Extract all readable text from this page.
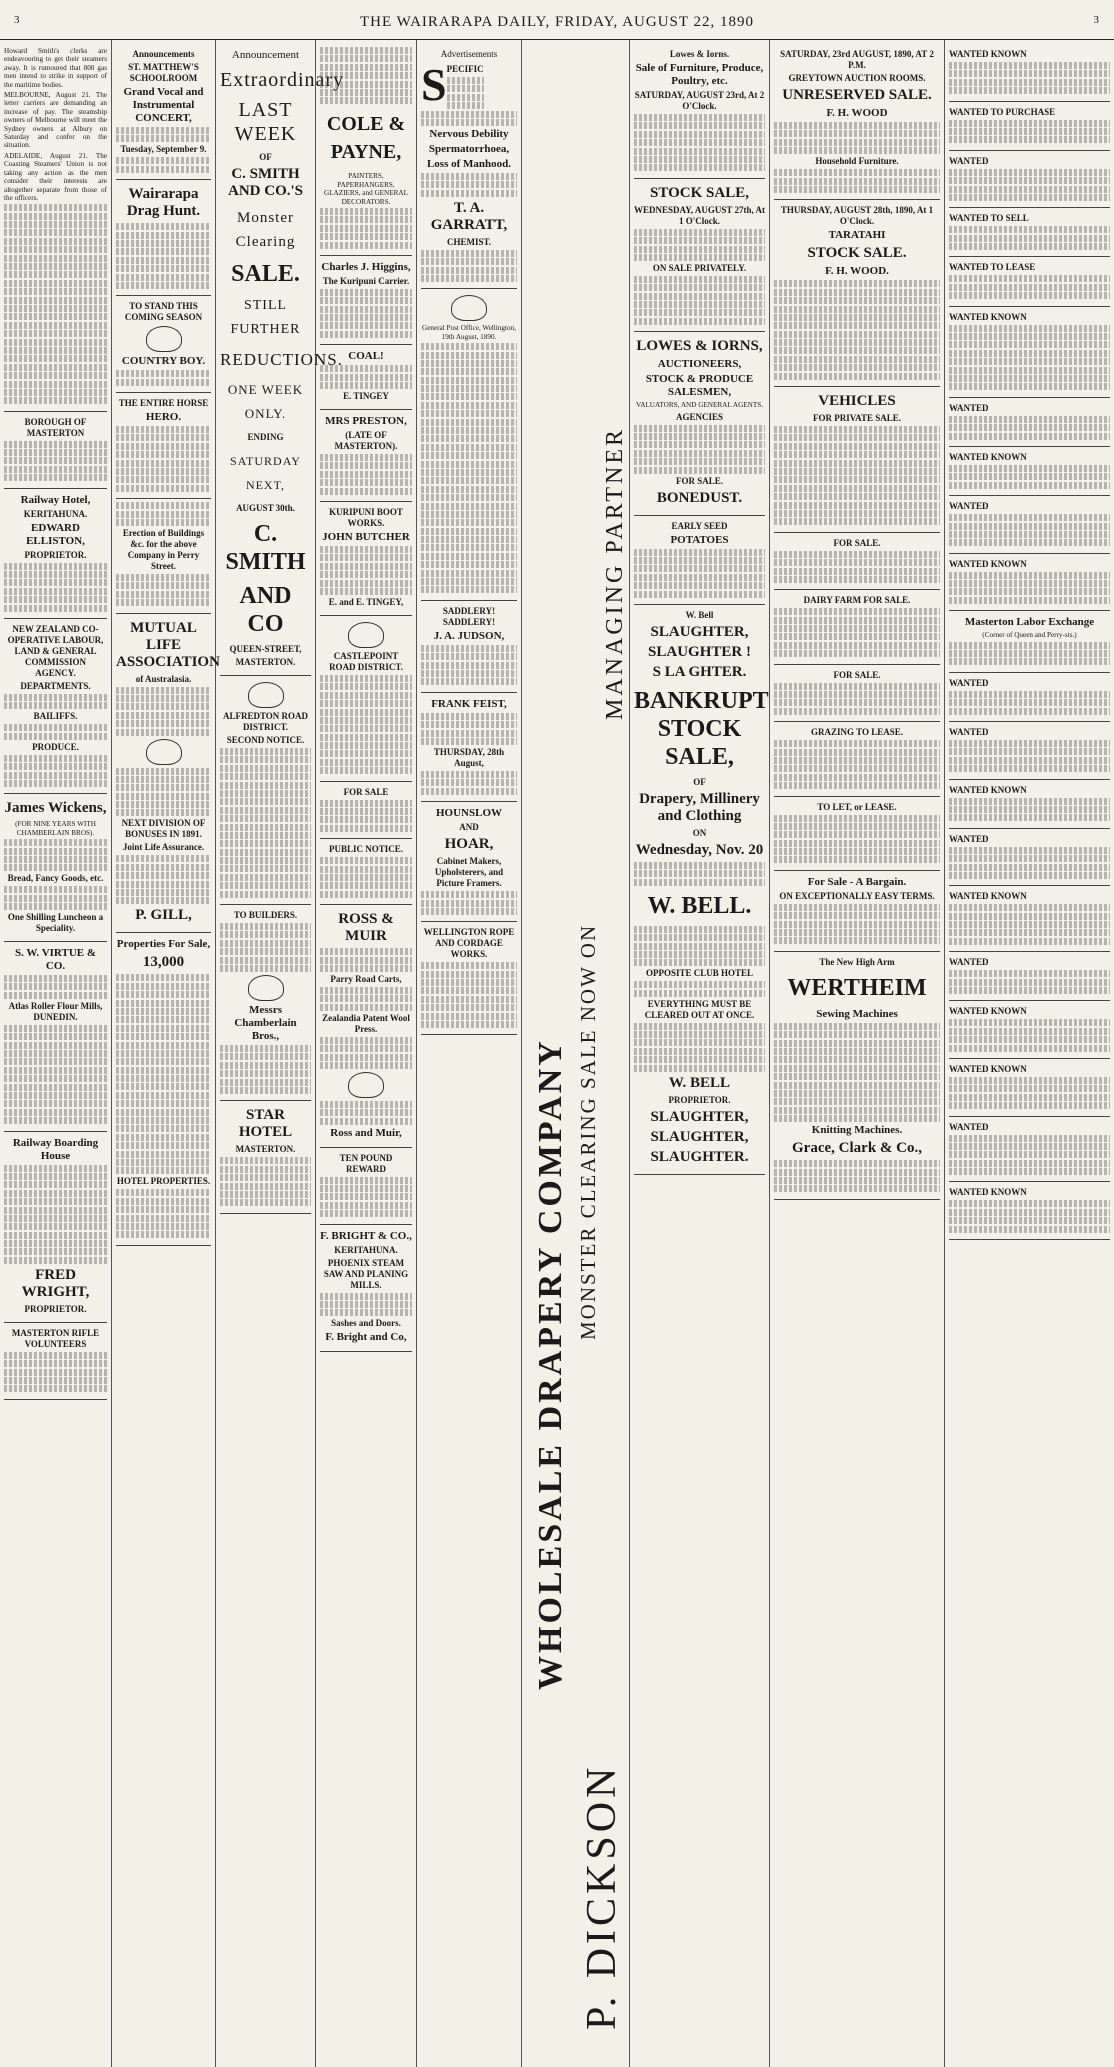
THE WAIRARAPA DAILY, FRIDAY, AUGUST 22, 1890
3	3

Howard Smith's clerks are endeavouring to get their steamers away. It is rumoured that 800 gas men intend to strike in support of the maritime bodies.

MELBOURNE, August 21. The letter carriers are demanding an increase of pay. The steamship owners of Melbourne will meet the Sydney owners at Albury on Saturday and confer on the situation.

ADELAIDE, August 21. The Coasting Steamers' Union is not taking any action as the men consider their interests are altogether separate from those of the officers.

BOROUGH OF MASTERTON
Railway Hotel,
KERITAHUNA.
EDWARD ELLISTON,
PROPRIETOR.
NEW ZEALAND CO-OPERATIVE LABOUR, LAND & GENERAL COMMISSION AGENCY.
DEPARTMENTS.
BAILIFFS.
PRODUCE.
James Wickens,
(FOR NINE YEARS WITH CHAMBERLAIN BROS).
Bread, Fancy Goods, etc.
One Shilling Luncheon a Speciality.
S. W. VIRTUE & CO.
Atlas Roller Flour Mills, DUNEDIN.
Railway Boarding House
FRED WRIGHT,
PROPRIETOR.
MASTERTON RIFLE VOLUNTEERS
Announcements
ST. MATTHEW'S SCHOOLROOM
Grand Vocal and Instrumental CONCERT,
Tuesday, September 9.
Wairarapa Drag Hunt.
TO STAND THIS COMING SEASON
COUNTRY BOY.
THE ENTIRE HORSE
HERO.
Erection of Buildings &c. for the above Company in Perry Street.
MUTUAL LIFE ASSOCIATION
of Australasia.
NEXT DIVISION OF BONUSES IN 1891.
Joint Life Assurance.
P. GILL,
Properties For Sale,
13,000
HOTEL PROPERTIES.
Announcement
Extraordinary
LAST WEEK
OF
C. SMITH AND CO.'S
Monster Clearing
SALE.
STILL FURTHER
REDUCTIONS.
ONE WEEK ONLY.
ENDING
SATURDAY NEXT,
AUGUST 30th.
C. SMITH
AND CO
QUEEN-STREET,
MASTERTON.
ALFREDTON ROAD DISTRICT.
SECOND NOTICE.
TO BUILDERS.
Messrs Chamberlain Bros.,
STAR HOTEL
MASTERTON.
COLE & PAYNE,
PAINTERS, PAPERHANGERS, GLAZIERS, and GENERAL DECORATORS.
Charles J. Higgins,
The Kuripuni Carrier.
COAL!
E. TINGEY
MRS PRESTON,
(LATE OF MASTERTON).
KURIPUNI BOOT WORKS.
JOHN BUTCHER
E. and E. TINGEY,
CASTLEPOINT ROAD DISTRICT.
FOR SALE
PUBLIC NOTICE.
ROSS & MUIR
Parry Road Carts,
Zealandia Patent Wool Press.
Ross and Muir,
TEN POUND REWARD
F. BRIGHT & CO.,
KERITAHUNA.
PHOENIX STEAM SAW AND PLANING MILLS.
Sashes and Doors.
F. Bright and Co,
Advertisements
S PECIFIC
Nervous Debility
Spermatorrhoea,
Loss of Manhood.
T. A. GARRATT,
CHEMIST.
General Post Office, Wellington, 19th August, 1890.
SADDLERY! SADDLERY!
J. A. JUDSON,
FRANK FEIST,
THURSDAY, 28th August,
HOUNSLOW
AND
HOAR,
Cabinet Makers, Upholsterers, and Picture Framers.
WELLINGTON ROPE AND CORDAGE WORKS.
WHOLESALE DRAPERY COMPANY MONSTER CLEARING SALE NOW ON
P. DICKSON
MANAGING PARTNER
Lowes & Iorns.
Sale of Furniture, Produce, Poultry, etc.
SATURDAY, AUGUST 23rd, At 2 O'Clock.
STOCK SALE,
WEDNESDAY, AUGUST 27th, At 1 O'Clock.
ON SALE PRIVATELY.
LOWES & IORNS,
AUCTIONEERS,
STOCK & PRODUCE SALESMEN,
VALUATORS, AND GENERAL AGENTS.
AGENCIES
FOR SALE.
BONEDUST.
EARLY SEED
POTATOES
W. Bell
SLAUGHTER,
SLAUGHTER !
S LA GHTER.
BANKRUPT STOCK SALE,
OF
Drapery, Millinery and Clothing
ON
Wednesday, Nov. 20
W. BELL.
OPPOSITE CLUB HOTEL
EVERYTHING MUST BE CLEARED OUT AT ONCE.
W. BELL
PROPRIETOR.
SLAUGHTER,
SLAUGHTER,
SLAUGHTER.
SATURDAY, 23rd AUGUST, 1890, AT 2 P.M.
GREYTOWN AUCTION ROOMS.
UNRESERVED SALE.
F. H. WOOD
Household Furniture.
THURSDAY, AUGUST 28th, 1890, At 1 O'Clock.
TARATAHI
STOCK SALE.
F. H. WOOD.
VEHICLES
FOR PRIVATE SALE.
FOR SALE.
DAIRY FARM FOR SALE.
FOR SALE.
GRAZING TO LEASE.
TO LET, or LEASE.
For Sale - A Bargain.
ON EXCEPTIONALLY EASY TERMS.
The New High Arm
WERTHEIM
Sewing Machines
Knitting Machines.
Grace, Clark & Co.,
WANTED KNOWN
WANTED TO PURCHASE
WANTED
WANTED TO SELL
WANTED TO LEASE
WANTED KNOWN
WANTED
WANTED KNOWN
WANTED
WANTED KNOWN
Masterton Labor Exchange
(Corner of Queen and Perry-sts.)
WANTED
WANTED
WANTED KNOWN
WANTED
WANTED KNOWN
WANTED
WANTED KNOWN
WANTED KNOWN
WANTED
WANTED KNOWN
